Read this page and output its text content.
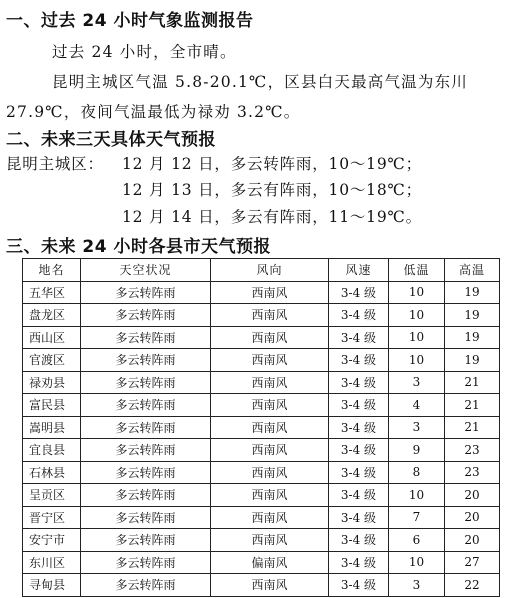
一、过去 24 小时气象监测报告
过去 24 小时，全市晴。
昆明主城区气温 5.8-20.1℃，区县白天最高气温为东川
27.9℃，夜间气温最低为禄劝 3.2℃。
二、未来三天具体天气预报
昆明主城区： 12 月 12 日，多云转阵雨，10～19℃；
12 月 13 日，多云有阵雨，10～18℃；
12 月 14 日，多云有阵雨，11～19℃。
三、未来 24 小时各县市天气预报
地名	天空状况	风向	风速	低温	高温
五华区	多云转阵雨	西南风	3-4 级	10	19
盘龙区	多云转阵雨	西南风	3-4 级	10	19
西山区	多云转阵雨	西南风	3-4 级	10	19
官渡区	多云转阵雨	西南风	3-4 级	10	19
禄劝县	多云转阵雨	西南风	3-4 级	3	21
富民县	多云转阵雨	西南风	3-4 级	4	21
嵩明县	多云转阵雨	西南风	3-4 级	3	21
宜良县	多云转阵雨	西南风	3-4 级	9	23
石林县	多云转阵雨	西南风	3-4 级	8	23
呈贡区	多云转阵雨	西南风	3-4 级	10	20
晋宁区	多云转阵雨	西南风	3-4 级	7	20
安宁市	多云转阵雨	西南风	3-4 级	6	20
东川区	多云转阵雨	偏南风	3-4 级	10	27
寻甸县	多云转阵雨	西南风	3-4 级	3	22
